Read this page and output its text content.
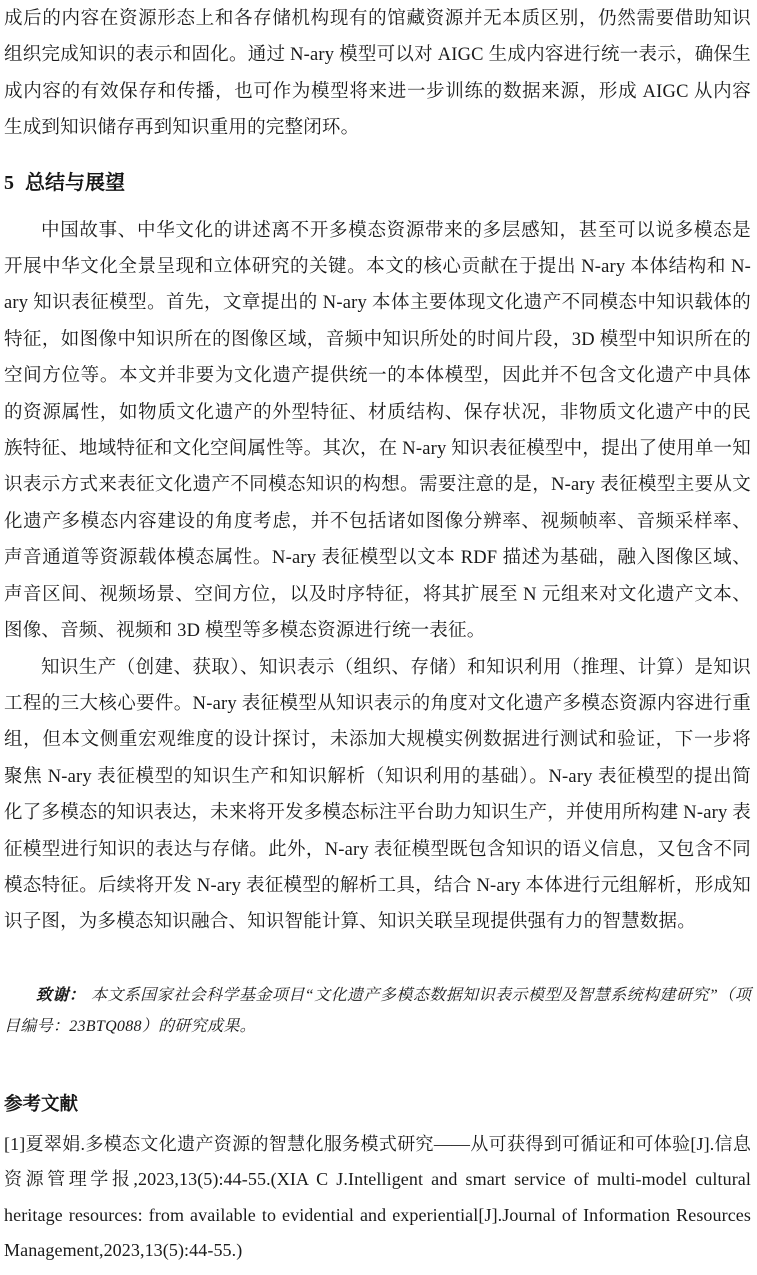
成后的内容在资源形态上和各存储机构现有的馆藏资源并无本质区别，仍然需要借助知识组织完成知识的表示和固化。通过 N-ary 模型可以对 AIGC 生成内容进行统一表示，确保生成内容的有效保存和传播，也可作为模型将来进一步训练的数据来源，形成 AIGC 从内容生成到知识储存再到知识重用的完整闭环。

5 总结与展望

中国故事、中华文化的讲述离不开多模态资源带来的多层感知，甚至可以说多模态是开展中华文化全景呈现和立体研究的关键。本文的核心贡献在于提出 N-ary 本体结构和 N-ary 知识表征模型。首先，文章提出的 N-ary 本体主要体现文化遗产不同模态中知识载体的特征，如图像中知识所在的图像区域，音频中知识所处的时间片段，3D 模型中知识所在的空间方位等。本文并非要为文化遗产提供统一的本体模型，因此并不包含文化遗产中具体的资源属性，如物质文化遗产的外型特征、材质结构、保存状况，非物质文化遗产中的民族特征、地域特征和文化空间属性等。其次，在 N-ary 知识表征模型中，提出了使用单一知识表示方式来表征文化遗产不同模态知识的构想。需要注意的是，N-ary 表征模型主要从文化遗产多模态内容建设的角度考虑，并不包括诸如图像分辨率、视频帧率、音频采样率、声音通道等资源载体模态属性。N-ary 表征模型以文本 RDF 描述为基础，融入图像区域、声音区间、视频场景、空间方位，以及时序特征，将其扩展至 N 元组来对文化遗产文本、图像、音频、视频和 3D 模型等多模态资源进行统一表征。

知识生产（创建、获取）、知识表示（组织、存储）和知识利用（推理、计算）是知识工程的三大核心要件。N-ary 表征模型从知识表示的角度对文化遗产多模态资源内容进行重组，但本文侧重宏观维度的设计探讨，未添加大规模实例数据进行测试和验证，下一步将聚焦 N-ary 表征模型的知识生产和知识解析（知识利用的基础）。N-ary 表征模型的提出简化了多模态的知识表达，未来将开发多模态标注平台助力知识生产，并使用所构建 N-ary 表征模型进行知识的表达与存储。此外，N-ary 表征模型既包含知识的语义信息，又包含不同模态特征。后续将开发 N-ary 表征模型的解析工具，结合 N-ary 本体进行元组解析，形成知识子图，为多模态知识融合、知识智能计算、知识关联呈现提供强有力的智慧数据。

致谢： 本文系国家社会科学基金项目“文化遗产多模态数据知识表示模型及智慧系统构建研究”（项目编号：23BTQ088）的研究成果。

参考文献

[1]夏翠娟.多模态文化遗产资源的智慧化服务模式研究——从可获得到可循证和可体验[J].信息资源管理学报,2023,13(5):44-55.(XIA C J.Intelligent and smart service of multi-model cultural heritage resources: from available to evidential and experiential[J].Journal of Information Resources Management,2023,13(5):44-55.)
